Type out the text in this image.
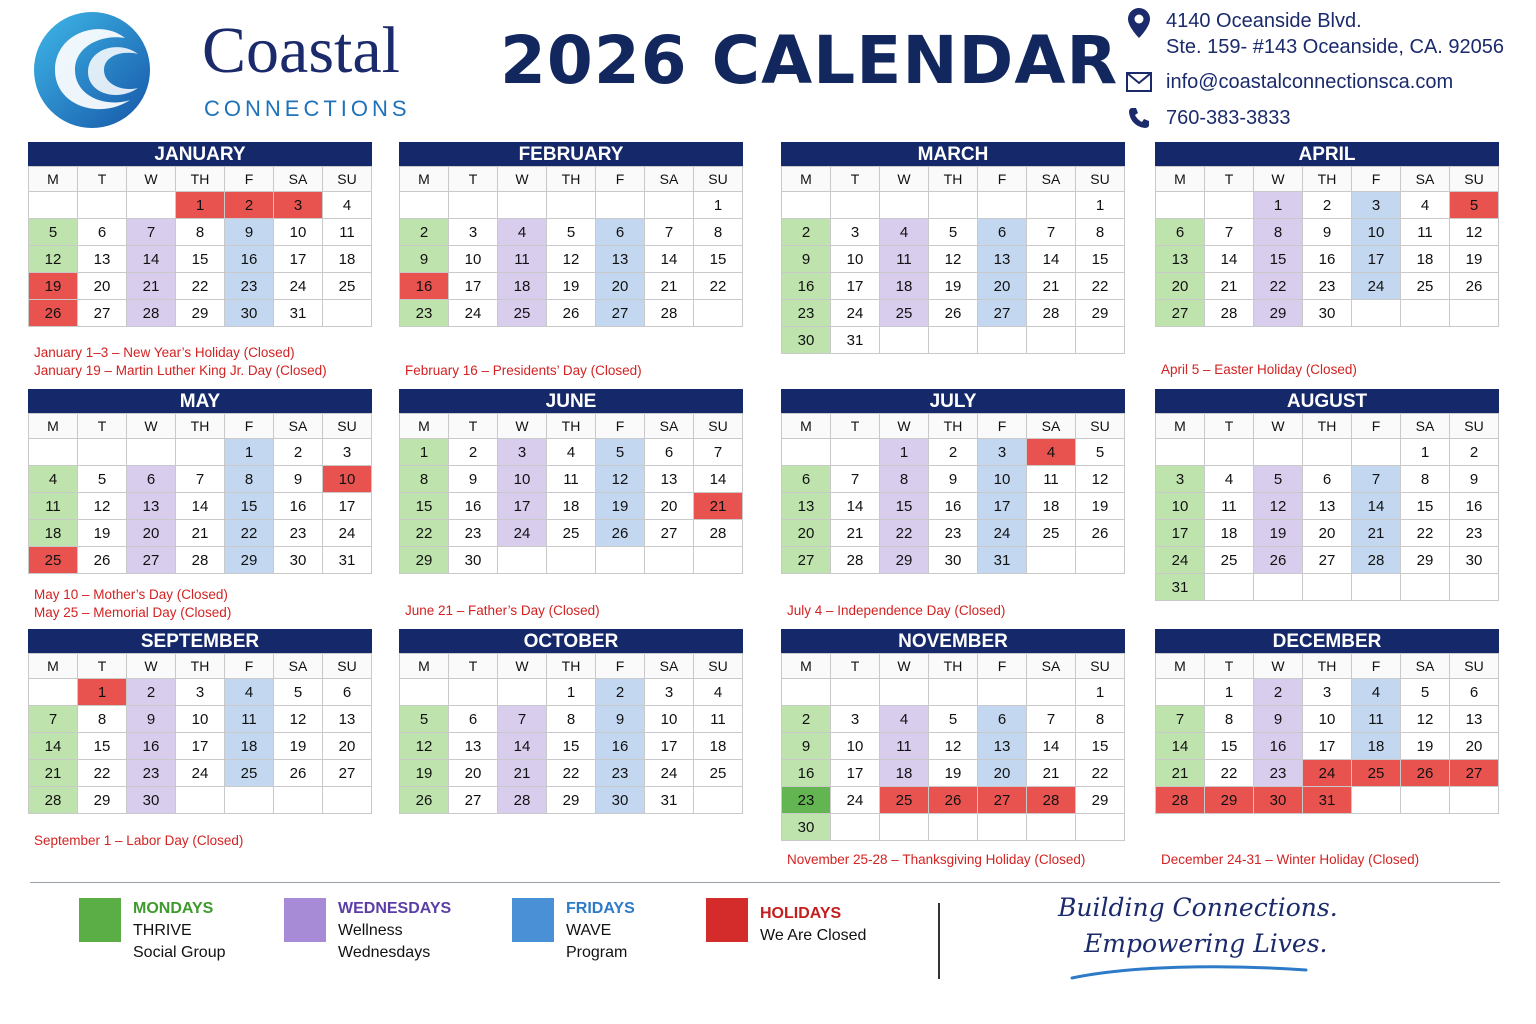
Coastal
CONNECTIONS
2026 CALENDAR
4140 Oceanside Blvd.
Ste. 159- #143 Oceanside, CA. 92056
info@coastalconnectionsca.com
760-383-3833
JANUARY
M	T	W	TH	F	SA	SU
			1	2	3	4
5	6	7	8	9	10	11
12	13	14	15	16	17	18
19	20	21	22	23	24	25
26	27	28	29	30	31	
January 1–3 – New Year’s Holiday (Closed)
January 19 – Martin Luther King Jr. Day (Closed)
FEBRUARY
M	T	W	TH	F	SA	SU
						1
2	3	4	5	6	7	8
9	10	11	12	13	14	15
16	17	18	19	20	21	22
23	24	25	26	27	28	
February 16 – Presidents’ Day (Closed)
MARCH
M	T	W	TH	F	SA	SU
						1
2	3	4	5	6	7	8
9	10	11	12	13	14	15
16	17	18	19	20	21	22
23	24	25	26	27	28	29
30	31					
APRIL
M	T	W	TH	F	SA	SU
		1	2	3	4	5
6	7	8	9	10	11	12
13	14	15	16	17	18	19
20	21	22	23	24	25	26
27	28	29	30			
April 5 – Easter Holiday (Closed)
MAY
M	T	W	TH	F	SA	SU
				1	2	3
4	5	6	7	8	9	10
11	12	13	14	15	16	17
18	19	20	21	22	23	24
25	26	27	28	29	30	31
May 10 – Mother’s Day (Closed)
May 25 – Memorial Day (Closed)
JUNE
M	T	W	TH	F	SA	SU
1	2	3	4	5	6	7
8	9	10	11	12	13	14
15	16	17	18	19	20	21
22	23	24	25	26	27	28
29	30					
June 21 – Father’s Day (Closed)
JULY
M	T	W	TH	F	SA	SU
		1	2	3	4	5
6	7	8	9	10	11	12
13	14	15	16	17	18	19
20	21	22	23	24	25	26
27	28	29	30	31		
July 4 – Independence Day (Closed)
AUGUST
M	T	W	TH	F	SA	SU
					1	2
3	4	5	6	7	8	9
10	11	12	13	14	15	16
17	18	19	20	21	22	23
24	25	26	27	28	29	30
31						
SEPTEMBER
M	T	W	TH	F	SA	SU
	1	2	3	4	5	6
7	8	9	10	11	12	13
14	15	16	17	18	19	20
21	22	23	24	25	26	27
28	29	30				
September 1 – Labor Day (Closed)
OCTOBER
M	T	W	TH	F	SA	SU
			1	2	3	4
5	6	7	8	9	10	11
12	13	14	15	16	17	18
19	20	21	22	23	24	25
26	27	28	29	30	31	
NOVEMBER
M	T	W	TH	F	SA	SU
						1
2	3	4	5	6	7	8
9	10	11	12	13	14	15
16	17	18	19	20	21	22
23	24	25	26	27	28	29
30						
November 25-28 – Thanksgiving Holiday (Closed)
DECEMBER
M	T	W	TH	F	SA	SU
	1	2	3	4	5	6
7	8	9	10	11	12	13
14	15	16	17	18	19	20
21	22	23	24	25	26	27
28	29	30	31			
December 24-31 – Winter Holiday (Closed)
MONDAYS
THRIVE
Social Group
WEDNESDAYS
Wellness
Wednesdays
FRIDAYS
WAVE
Program
HOLIDAYS
We Are Closed
Building Connections.
Empowering Lives.
